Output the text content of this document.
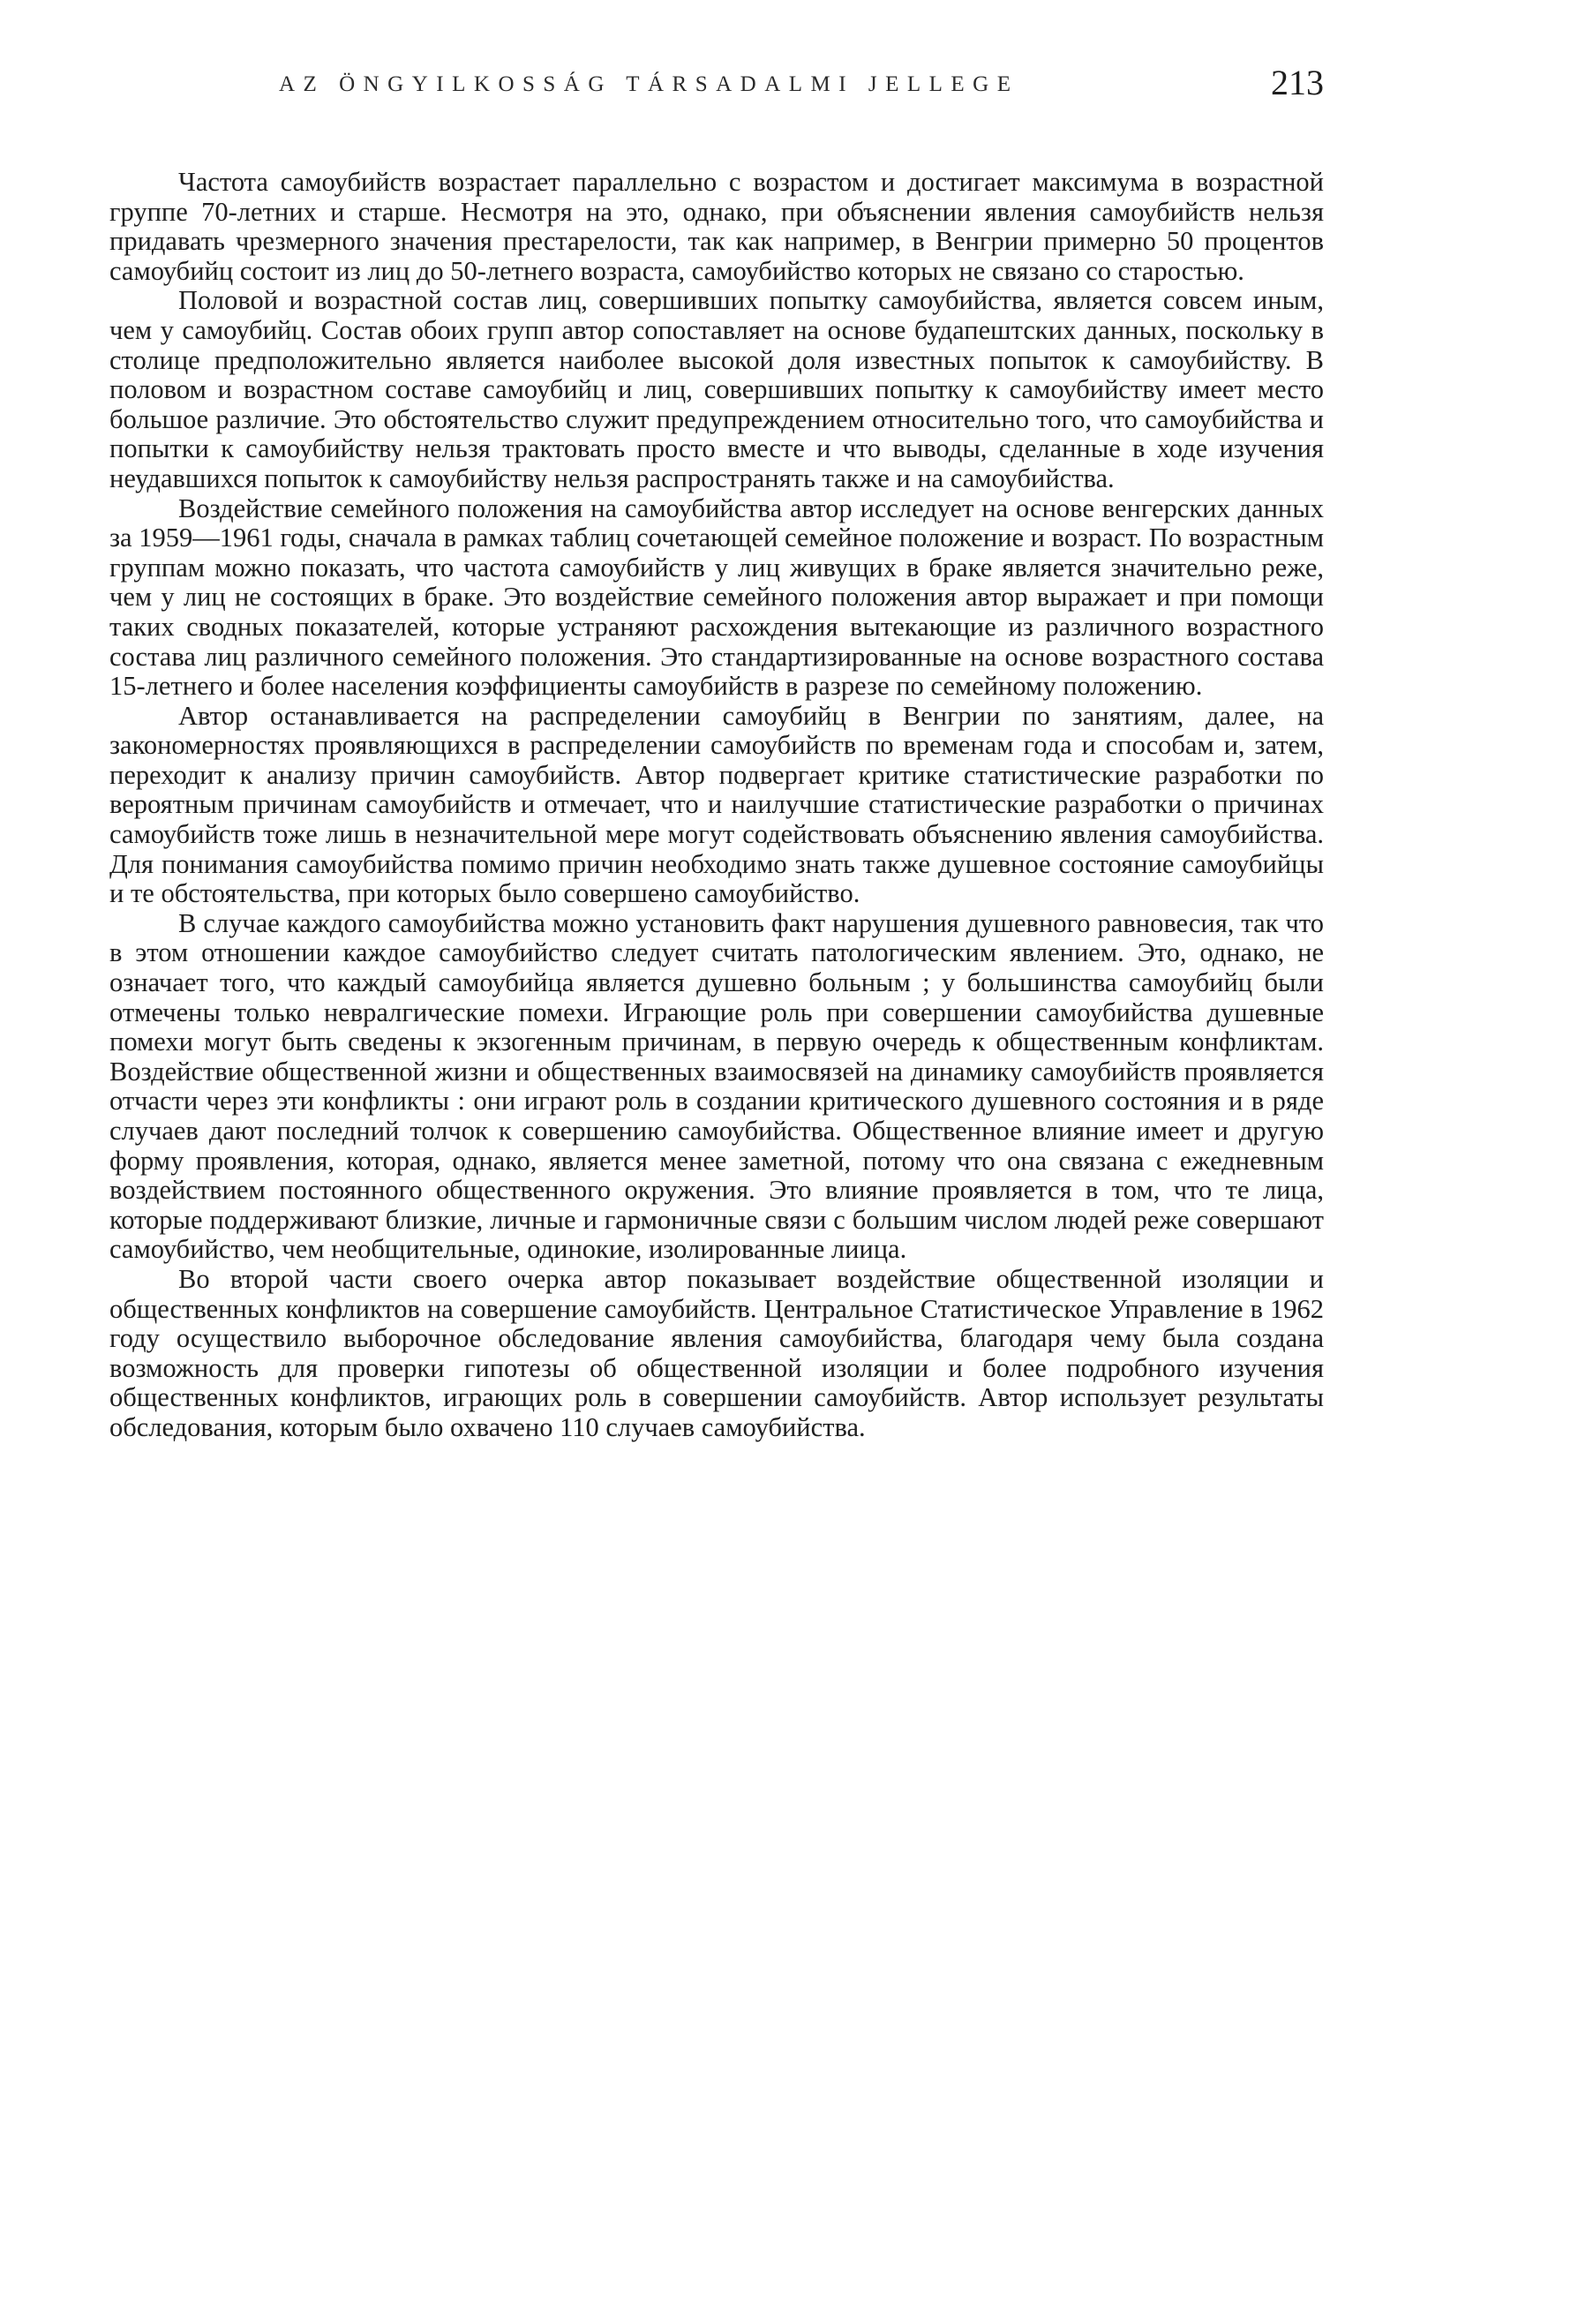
AZ ÖNGYILKOSSÁG TÁRSADALMI JELLEGE	213

Частота самоубийств возрастает параллельно с возрастом и достигает максимума в возрастной группе 70-летних и старше. Несмотря на это, однако, при объяснении явления самоубийств нельзя придавать чрезмерного значения престарелости, так как например, в Венгрии примерно 50 процентов самоубийц состоит из лиц до 50-летнего возраста, самоубийство которых не связано со старостью.

Половой и возрастной состав лиц, совершивших попытку самоубийства, является совсем иным, чем у самоубийц. Состав обоих групп автор сопоставляет на основе будапештских данных, поскольку в столице предположительно является наиболее высокой доля известных попыток к самоубийству. В половом и возрастном составе самоубийц и лиц, совершивших попытку к самоубийству имеет место большое различие. Это обстоятельство служит предупреждением относительно того, что самоубийства и попытки к самоубийству нельзя трактовать просто вместе и что выводы, сделанные в ходе изучения неудавшихся попыток к самоубийству нельзя распространять также и на самоубийства.

Воздействие семейного положения на самоубийства автор исследует на основе венгерских данных за 1959—1961 годы, сначала в рамках таблиц сочетающей семейное положение и возраст. По возрастным группам можно показать, что частота самоубийств у лиц живущих в браке является значительно реже, чем у лиц не состоящих в браке. Это воздействие семейного положения автор выражает и при помощи таких сводных показателей, которые устраняют расхождения вытекающие из различного возрастного состава лиц различного семейного положения. Это стандартизированные на основе возрастного состава 15-летнего и более населения коэффициенты самоубийств в разрезе по семейному положению.

Автор останавливается на распределении самоубийц в Венгрии по занятиям, далее, на закономерностях проявляющихся в распределении самоубийств по временам года и способам и, затем, переходит к анализу причин самоубийств. Автор подвергает критике статистические разработки по вероятным причинам самоубийств и отмечает, что и наилучшие статистические разработки о причинах самоубийств тоже лишь в незначительной мере могут содействовать объяснению явления самоубийства. Для понимания самоубийства помимо причин необходимо знать также душевное состояние самоубийцы и те обстоятельства, при которых было совершено самоубийство.

В случае каждого самоубийства можно установить факт нарушения душевного равновесия, так что в этом отношении каждое самоубийство следует считать патологическим явлением. Это, однако, не означает того, что каждый самоубийца является душевно больным ; у большинства самоубийц были отмечены только невралгические помехи. Играющие роль при совершении самоубийства душевные помехи могут быть сведены к экзогенным причинам, в первую очередь к общественным конфликтам. Воздействие общественной жизни и общественных взаимосвязей на динамику самоубийств проявляется отчасти через эти конфликты : они играют роль в создании критического душевного состояния и в ряде случаев дают последний толчок к совершению самоубийства. Общественное влияние имеет и другую форму проявления, которая, однако, является менее заметной, потому что она связана с ежедневным воздействием постоянного общественного окружения. Это влияние проявляется в том, что те лица, которые поддерживают близкие, личные и гармоничные связи с большим числом людей реже совершают самоубийство, чем необщительные, одинокие, изолированные лиица.

Во второй части своего очерка автор показывает воздействие общественной изоляции и общественных конфликтов на совершение самоубийств. Центральное Статистическое Управление в 1962 году осуществило выборочное обследование явления самоубийства, благодаря чему была создана возможность для проверки гипотезы об общественной изоляции и более подробного изучения общественных конфликтов, играющих роль в совершении самоубийств. Автор использует результаты обследования, которым было охвачено 110 случаев самоубийства.
